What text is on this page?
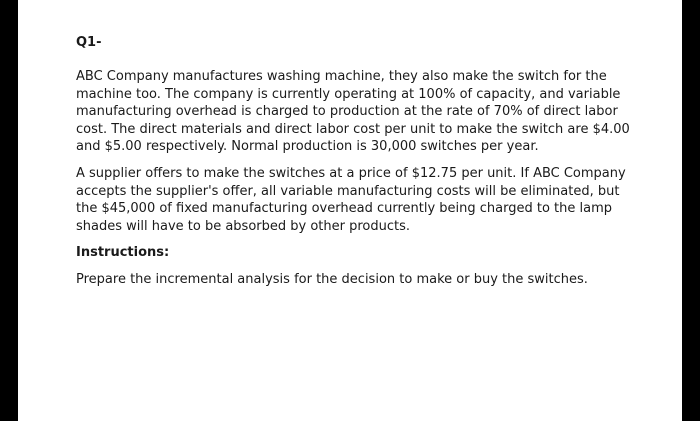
Q1-
ABC Company manufactures washing machine, they also make the switch for the machine too. The company is currently operating at 100% of capacity, and variable manufacturing overhead is charged to production at the rate of 70% of direct labor cost. The direct materials and direct labor cost per unit to make the switch are $4.00 and $5.00 respectively. Normal production is 30,000 switches per year.
A supplier offers to make the switches at a price of $12.75 per unit. If ABC Company accepts the supplier's offer, all variable manufacturing costs will be eliminated, but the $45,000 of fixed manufacturing overhead currently being charged to the lamp shades will have to be absorbed by other products.
Instructions:
Prepare the incremental analysis for the decision to make or buy the switches.
